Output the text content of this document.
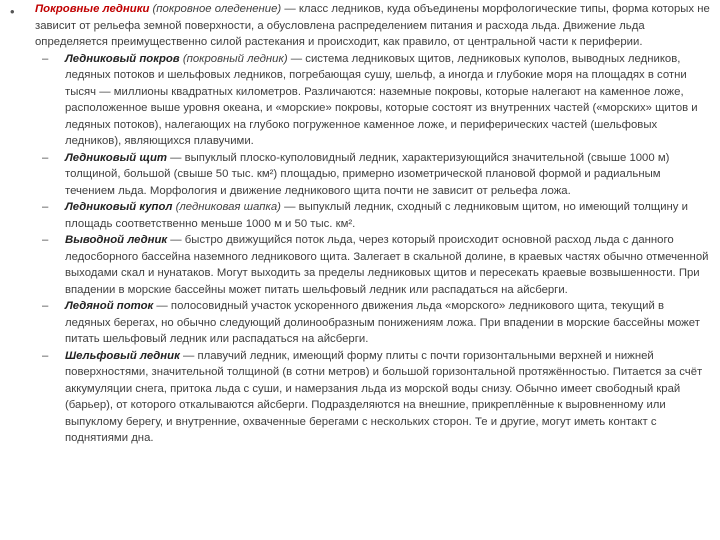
• Покровные ледники (покровное оледенение) — класс ледников, куда объединены морфологические типы, форма которых не зависит от рельефа земной поверхности, а обусловлена распределением питания и расхода льда. Движение льда определяется преимущественно силой растекания и происходит, как правило, от центральной части к периферии.

– Ледниковый покров (покровный ледник) — система ледниковых щитов, ледниковых куполов, выводных ледников, ледяных потоков и шельфовых ледников, погребающая сушу, шельф, а иногда и глубокие моря на площадях в сотни тысяч — миллионы квадратных километров. Различаются: наземные покровы, которые налегают на каменное ложе, расположенное выше уровня океана, и «морские» покровы, которые состоят из внутренних частей («морских» щитов и ледяных потоков), налегающих на глубоко погруженное каменное ложе, и периферических частей (шельфовых ледников), являющихся плавучими.

– Ледниковый щит — выпуклый плоско-куполовидный ледник, характеризующийся значительной (свыше 1000 м) толщиной, большой (свыше 50 тыс. км²) площадью, примерно изометрической плановой формой и радиальным течением льда. Морфология и движение ледникового щита почти не зависит от рельефа ложа.

– Ледниковый купол (ледниковая шапка) — выпуклый ледник, сходный с ледниковым щитом, но имеющий толщину и площадь соответственно меньше 1000 м и 50 тыс. км².

– Выводной ледник — быстро движущийся поток льда, через который происходит основной расход льда с данного ледосборного бассейна наземного ледникового щита. Залегает в скальной долине, в краевых частях обычно отмеченной выходами скал и нунатаков. Могут выходить за пределы ледниковых щитов и пересекать краевые возвышенности. При впадении в морские бассейны может питать шельфовый ледник или распадаться на айсберги.

– Ледяной поток — полосовидный участок ускоренного движения льда «морского» ледникового щита, текущий в ледяных берегах, но обычно следующий долинообразным понижениям ложа. При впадении в морские бассейны может питать шельфовый ледник или распадаться на айсберги.

– Шельфовый ледник — плавучий ледник, имеющий форму плиты с почти горизонтальными верхней и нижней поверхностями, значительной толщиной (в сотни метров) и большой горизонтальной протяжённостью. Питается за счёт аккумуляции снега, притока льда с суши, и намерзания льда из морской воды снизу. Обычно имеет свободный край (барьер), от которого откалываются айсберги. Подразделяются на внешние, прикреплённые к выровненному или выпуклому берегу, и внутренние, охваченные берегами с нескольких сторон. Те и другие, могут иметь контакт с поднятиями дна.
